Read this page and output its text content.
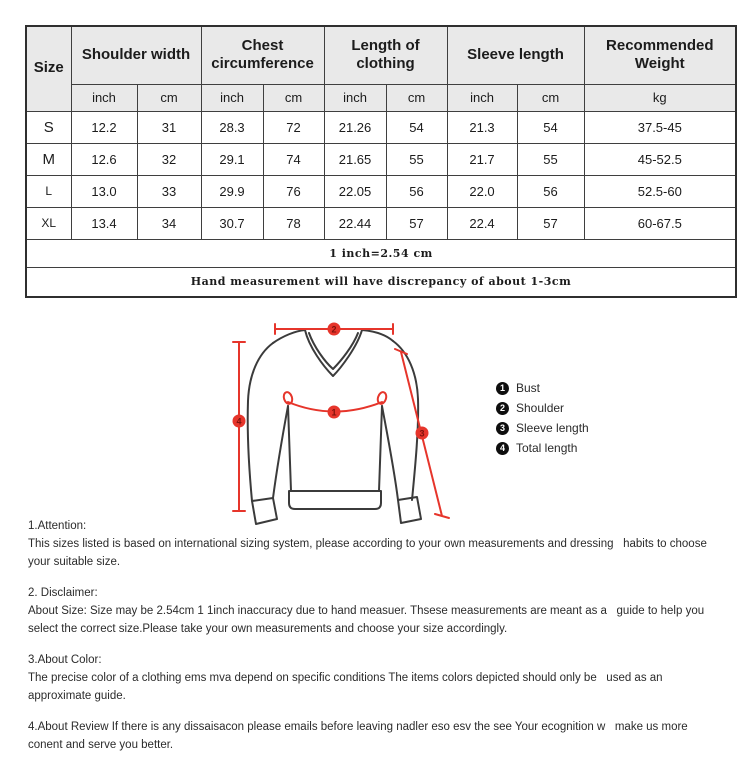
Size	Shoulder width		Chest circumference		Length of clothing		Sleeve length		Recommended Weight
	inch	cm	inch	cm	inch	cm	inch	cm	kg
S	12.2	31	28.3	72	21.26	54	21.3	54	37.5-45
M	12.6	32	29.1	74	21.65	55	21.7	55	45-52.5
L	13.0	33	29.9	76	22.05	56	22.0	56	52.5-60
XL	13.4	34	30.7	78	22.44	57	22.4	57	60-67.5
1 inch=2.54 cm									
Hand measurement will have discrepancy of about 1-3cm									
2
4
1
3
1 Bust
2 Shoulder
3 Sleeve length
4 Total length
1.Attention:
This sizes listed is based on international sizing system, please according to your own measurements and dressing   habits to choose
your suitable size.
2. Disclaimer:
About Size: Size may be 2.54cm 1 1inch inaccuracy due to hand measuer. Thsese measurements are meant as a   guide to help you
select the correct size.Please take your own measurements and choose your size accordingly.
3.About Color:
The precise color of a clothing ems mva depend on specific conditions The items colors depicted should only be   used as an
approximate guide.
4.About Review If there is any dissaisacon please emails before leaving nadler eso esv the see Your ecognition w   make us more
conent and serve you better.
